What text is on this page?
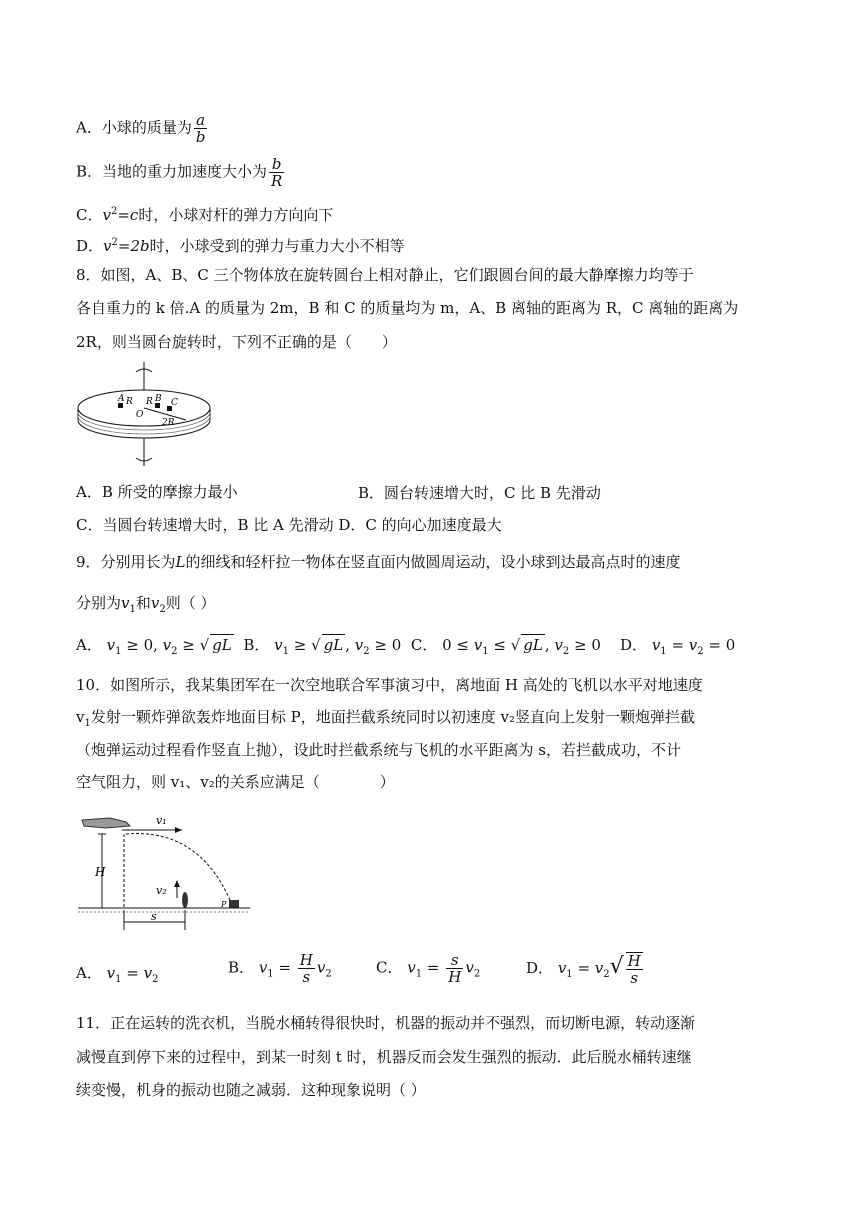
A．小球的质量为 $\frac{a}{b}$
B．当地的重力加速度大小为 $\frac{b}{R}$
C．$v^2=c$时，小球对杆的弹力方向向下
D．$v^2=2b$时，小球受到的弹力与重力大小不相等
8．如图，A、B、C 三个物体放在旋转圆台上相对静止，它们跟圆台间的最大静摩擦力均等于
各自重力的 k 倍.A 的质量为 2m，B 和 C 的质量均为 m，A、B 离轴的距离为 R，C 离轴的距离为
2R，则当圆台旋转时，下列不正确的是（　　）
A R R B C
O
2R
A．B 所受的摩擦力最小	B．圆台转速增大时，C 比 B 先滑动
C．当圆台转速增大时，B 比 A 先滑动 D．C 的向心加速度最大
9．分别用长为L的细线和轻杆拉一物体在竖直面内做圆周运动，设小球到达最高点时的速度
分别为$v_1$和$v_2$则（ ）
A． $v_1 \ge 0$, $v_2$ ≥ √ gL B． $v_1$ ≥ √ gL , $v_2 \ge 0$  C． $0 \le v_1$ ≤ √ gL , $v_2 \ge 0$    D． $v_1 = v_2 = 0$
10．如图所示，我某集团军在一次空地联合军事演习中，离地面 H 高处的飞机以水平对地速度
$v_1$发射一颗炸弹欲轰炸地面目标 P，地面拦截系统同时以初速度 v₂竖直向上发射一颗炮弹拦截
（炮弹运动过程看作竖直上抛），设此时拦截系统与飞机的水平距离为 s，若拦截成功，不计
空气阻力，则 v₁、v₂的关系应满足（　　　　）
v₁
H
v₂
P
s
A． $v_1 = v_2$
B． $v_1 = \frac{H}{s} v_2$	C． $v_1 = \frac{s}{H} v_2$	D． $v_1 = v_2√ \frac{H}{s}$
11．正在运转的洗衣机，当脱水桶转得很快时，机器的振动并不强烈，而切断电源，转动逐渐
减慢直到停下来的过程中，到某一时刻 t 时，机器反而会发生强烈的振动．此后脱水桶转速继
续变慢，机身的振动也随之减弱．这种现象说明（ ）
